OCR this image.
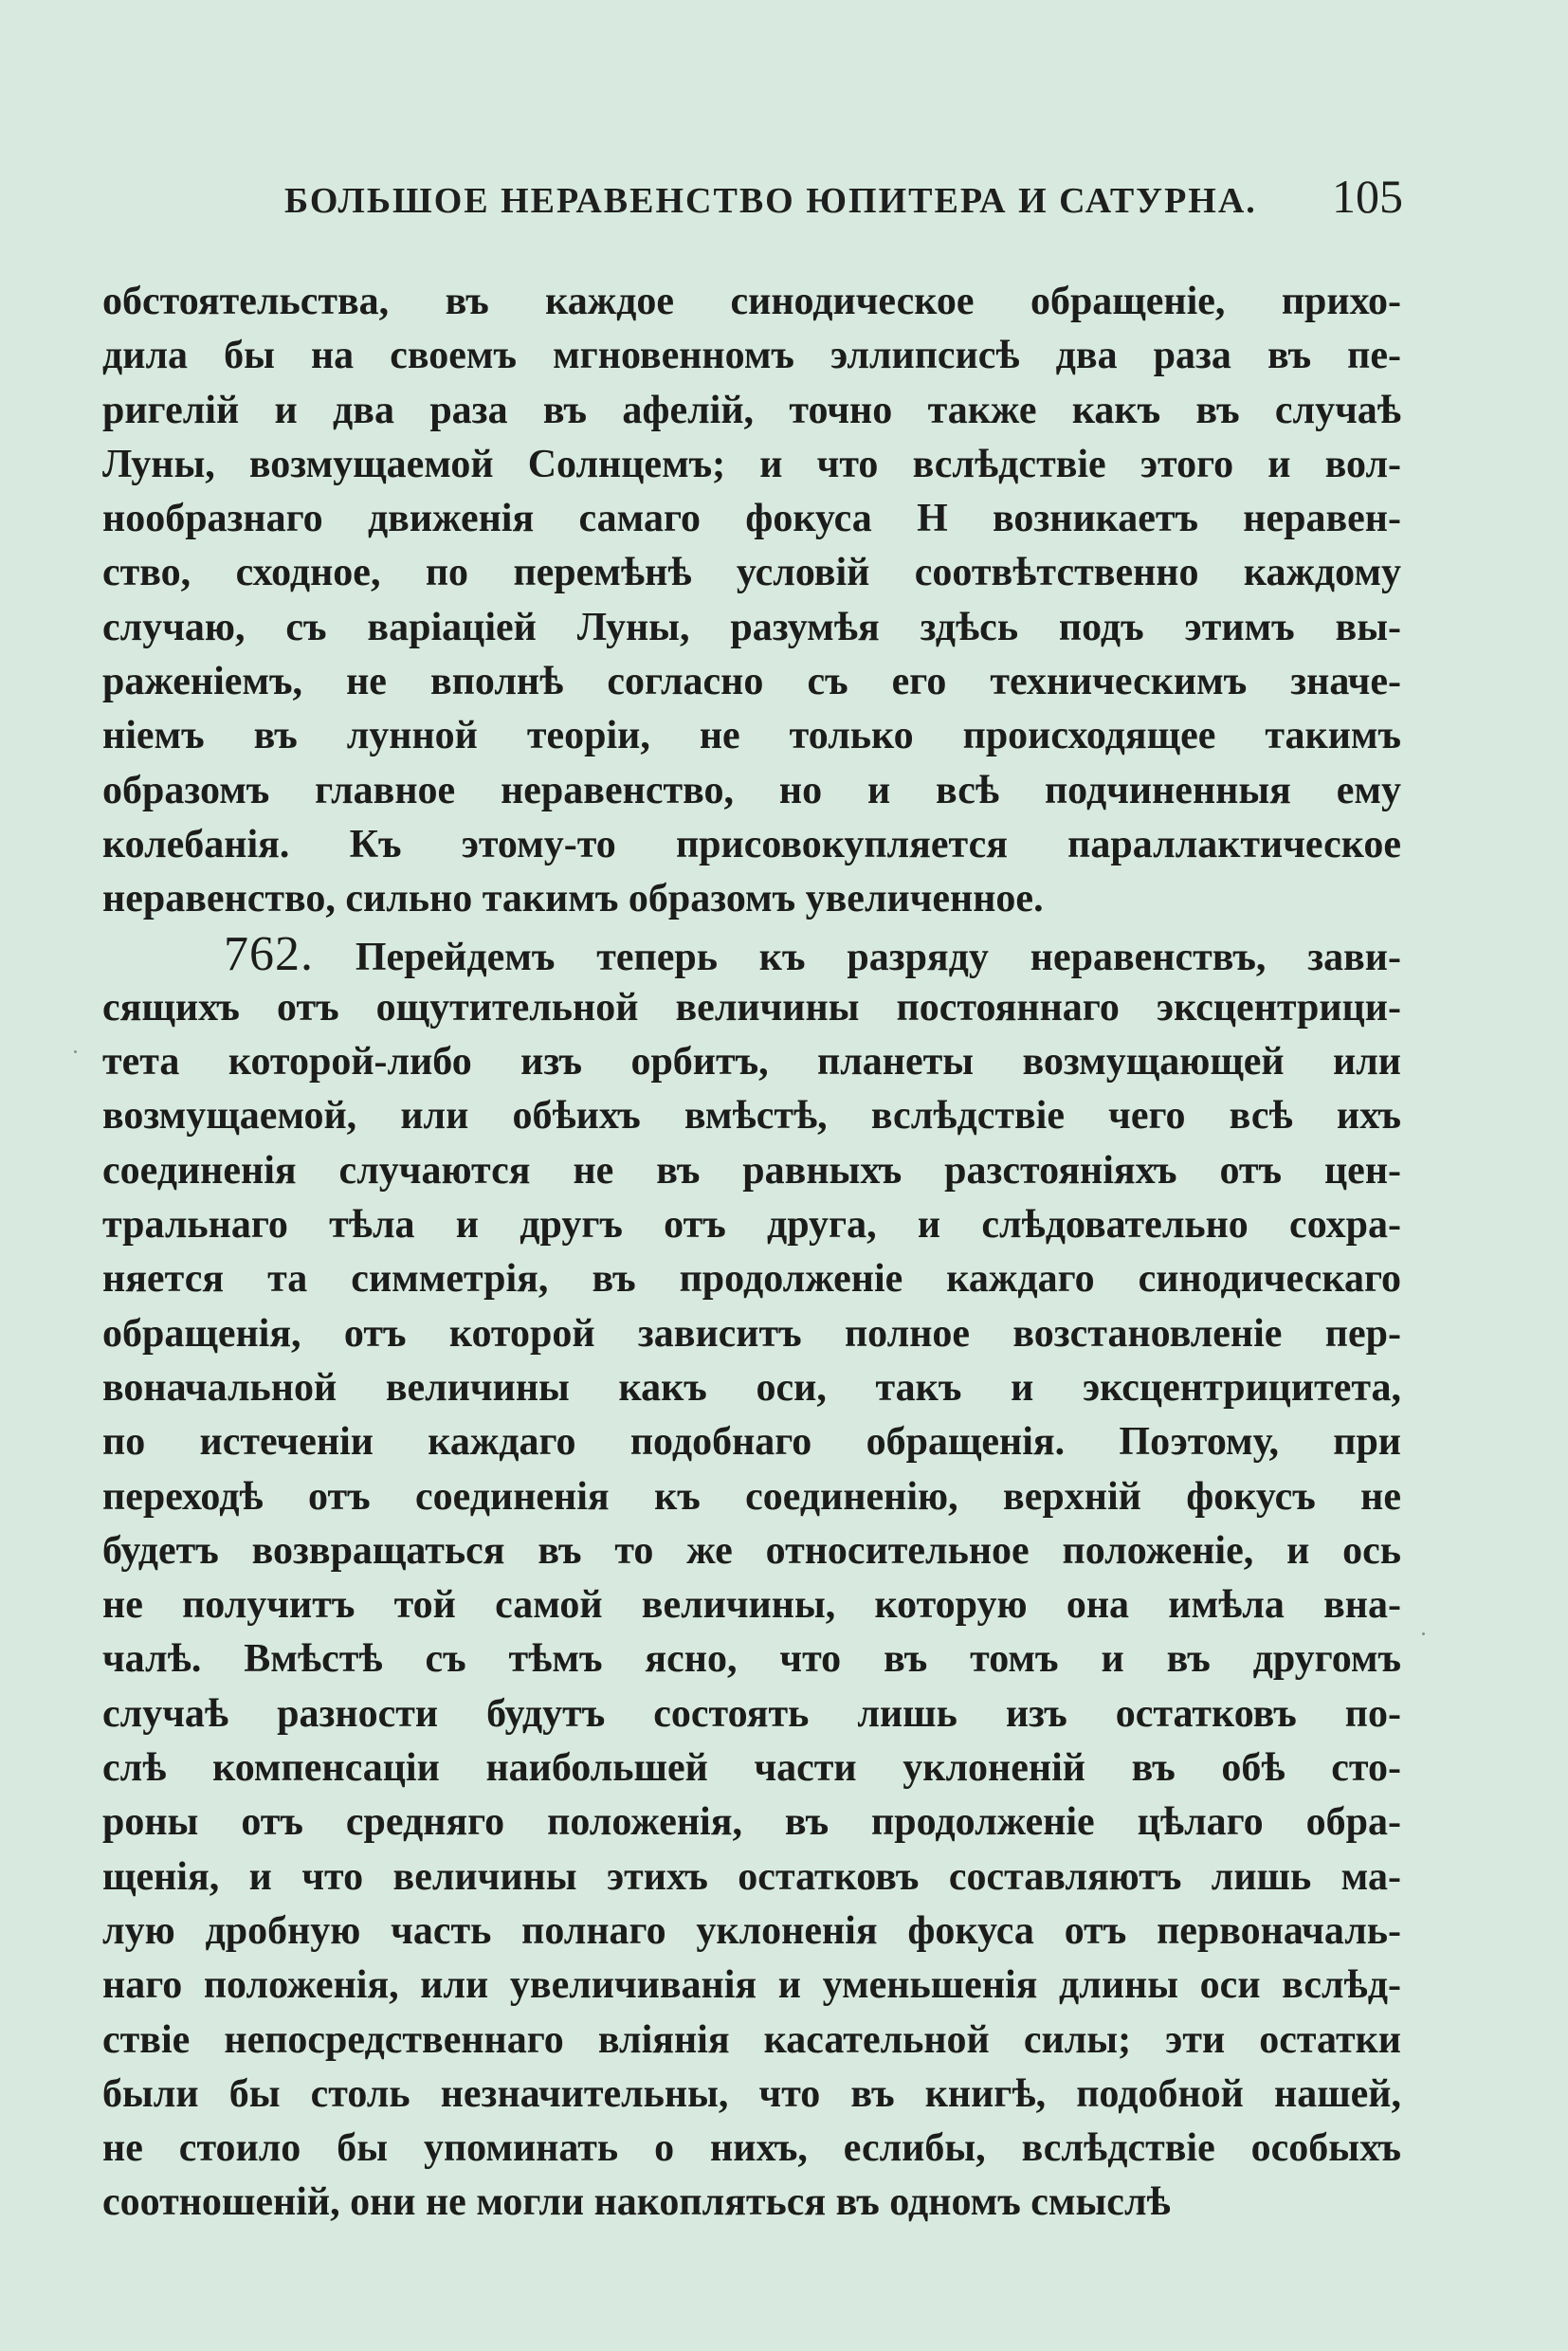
БОЛЬШОЕ НЕРАВЕНСТВО ЮПИТЕРА И САТУРНА. 105
обстоятельства, въ каждое синодическое обращеніе, прихо-
дила бы на своемъ мгновенномъ эллипсисѣ два раза въ пе-
ригелій и два раза въ афелій, точно также какъ въ случаѣ
Луны, возмущаемой Солнцемъ; и что вслѣдствіе этого и вол-
нообразнаго движенія самаго фокуса H возникаетъ неравен-
ство, сходное, по перемѣнѣ условій соотвѣтственно каждому
случаю, съ варіаціей Луны, разумѣя здѣсь подъ этимъ вы-
раженіемъ, не вполнѣ согласно съ его техническимъ значе-
ніемъ въ лунной теоріи, не только происходящее такимъ
образомъ главное неравенство, но и всѣ подчиненныя ему
колебанія. Къ этому-то присовокупляется параллактическое
неравенство, сильно такимъ образомъ увеличенное.
762. Перейдемъ теперь къ разряду неравенствъ, зави-
сящихъ отъ ощутительной величины постояннаго эксцентрици-
тета которой-либо изъ орбитъ, планеты возмущающей или
возмущаемой, или обѣихъ вмѣстѣ, вслѣдствіе чего всѣ ихъ
соединенія случаются не въ равныхъ разстояніяхъ отъ цен-
тральнаго тѣла и другъ отъ друга, и слѣдовательно сохра-
няется та симметрія, въ продолженіе каждаго синодическаго
обращенія, отъ которой зависитъ полное возстановленіе пер-
воначальной величины какъ оси, такъ и эксцентрицитета,
по истеченіи каждаго подобнаго обращенія. Поэтому, при
переходѣ отъ соединенія къ соединенію, верхній фокусъ не
будетъ возвращаться въ то же относительное положеніе, и ось
не получитъ той самой величины, которую она имѣла вна-
чалѣ. Вмѣстѣ съ тѣмъ ясно, что въ томъ и въ другомъ
случаѣ разности будутъ состоять лишь изъ остатковъ по-
слѣ компенсаціи наибольшей части уклоненій въ обѣ сто-
роны отъ средняго положенія, въ продолженіе цѣлаго обра-
щенія, и что величины этихъ остатковъ составляютъ лишь ма-
лую дробную часть полнаго уклоненія фокуса отъ первоначаль-
наго положенія, или увеличиванія и уменьшенія длины оси вслѣд-
ствіе непосредственнаго вліянія касательной силы; эти остатки
были бы столь незначительны, что въ книгѣ, подобной нашей,
не стоило бы упоминать о нихъ, еслибы, вслѣдствіе особыхъ
соотношеній, они не могли накопляться въ одномъ смыслѣ
